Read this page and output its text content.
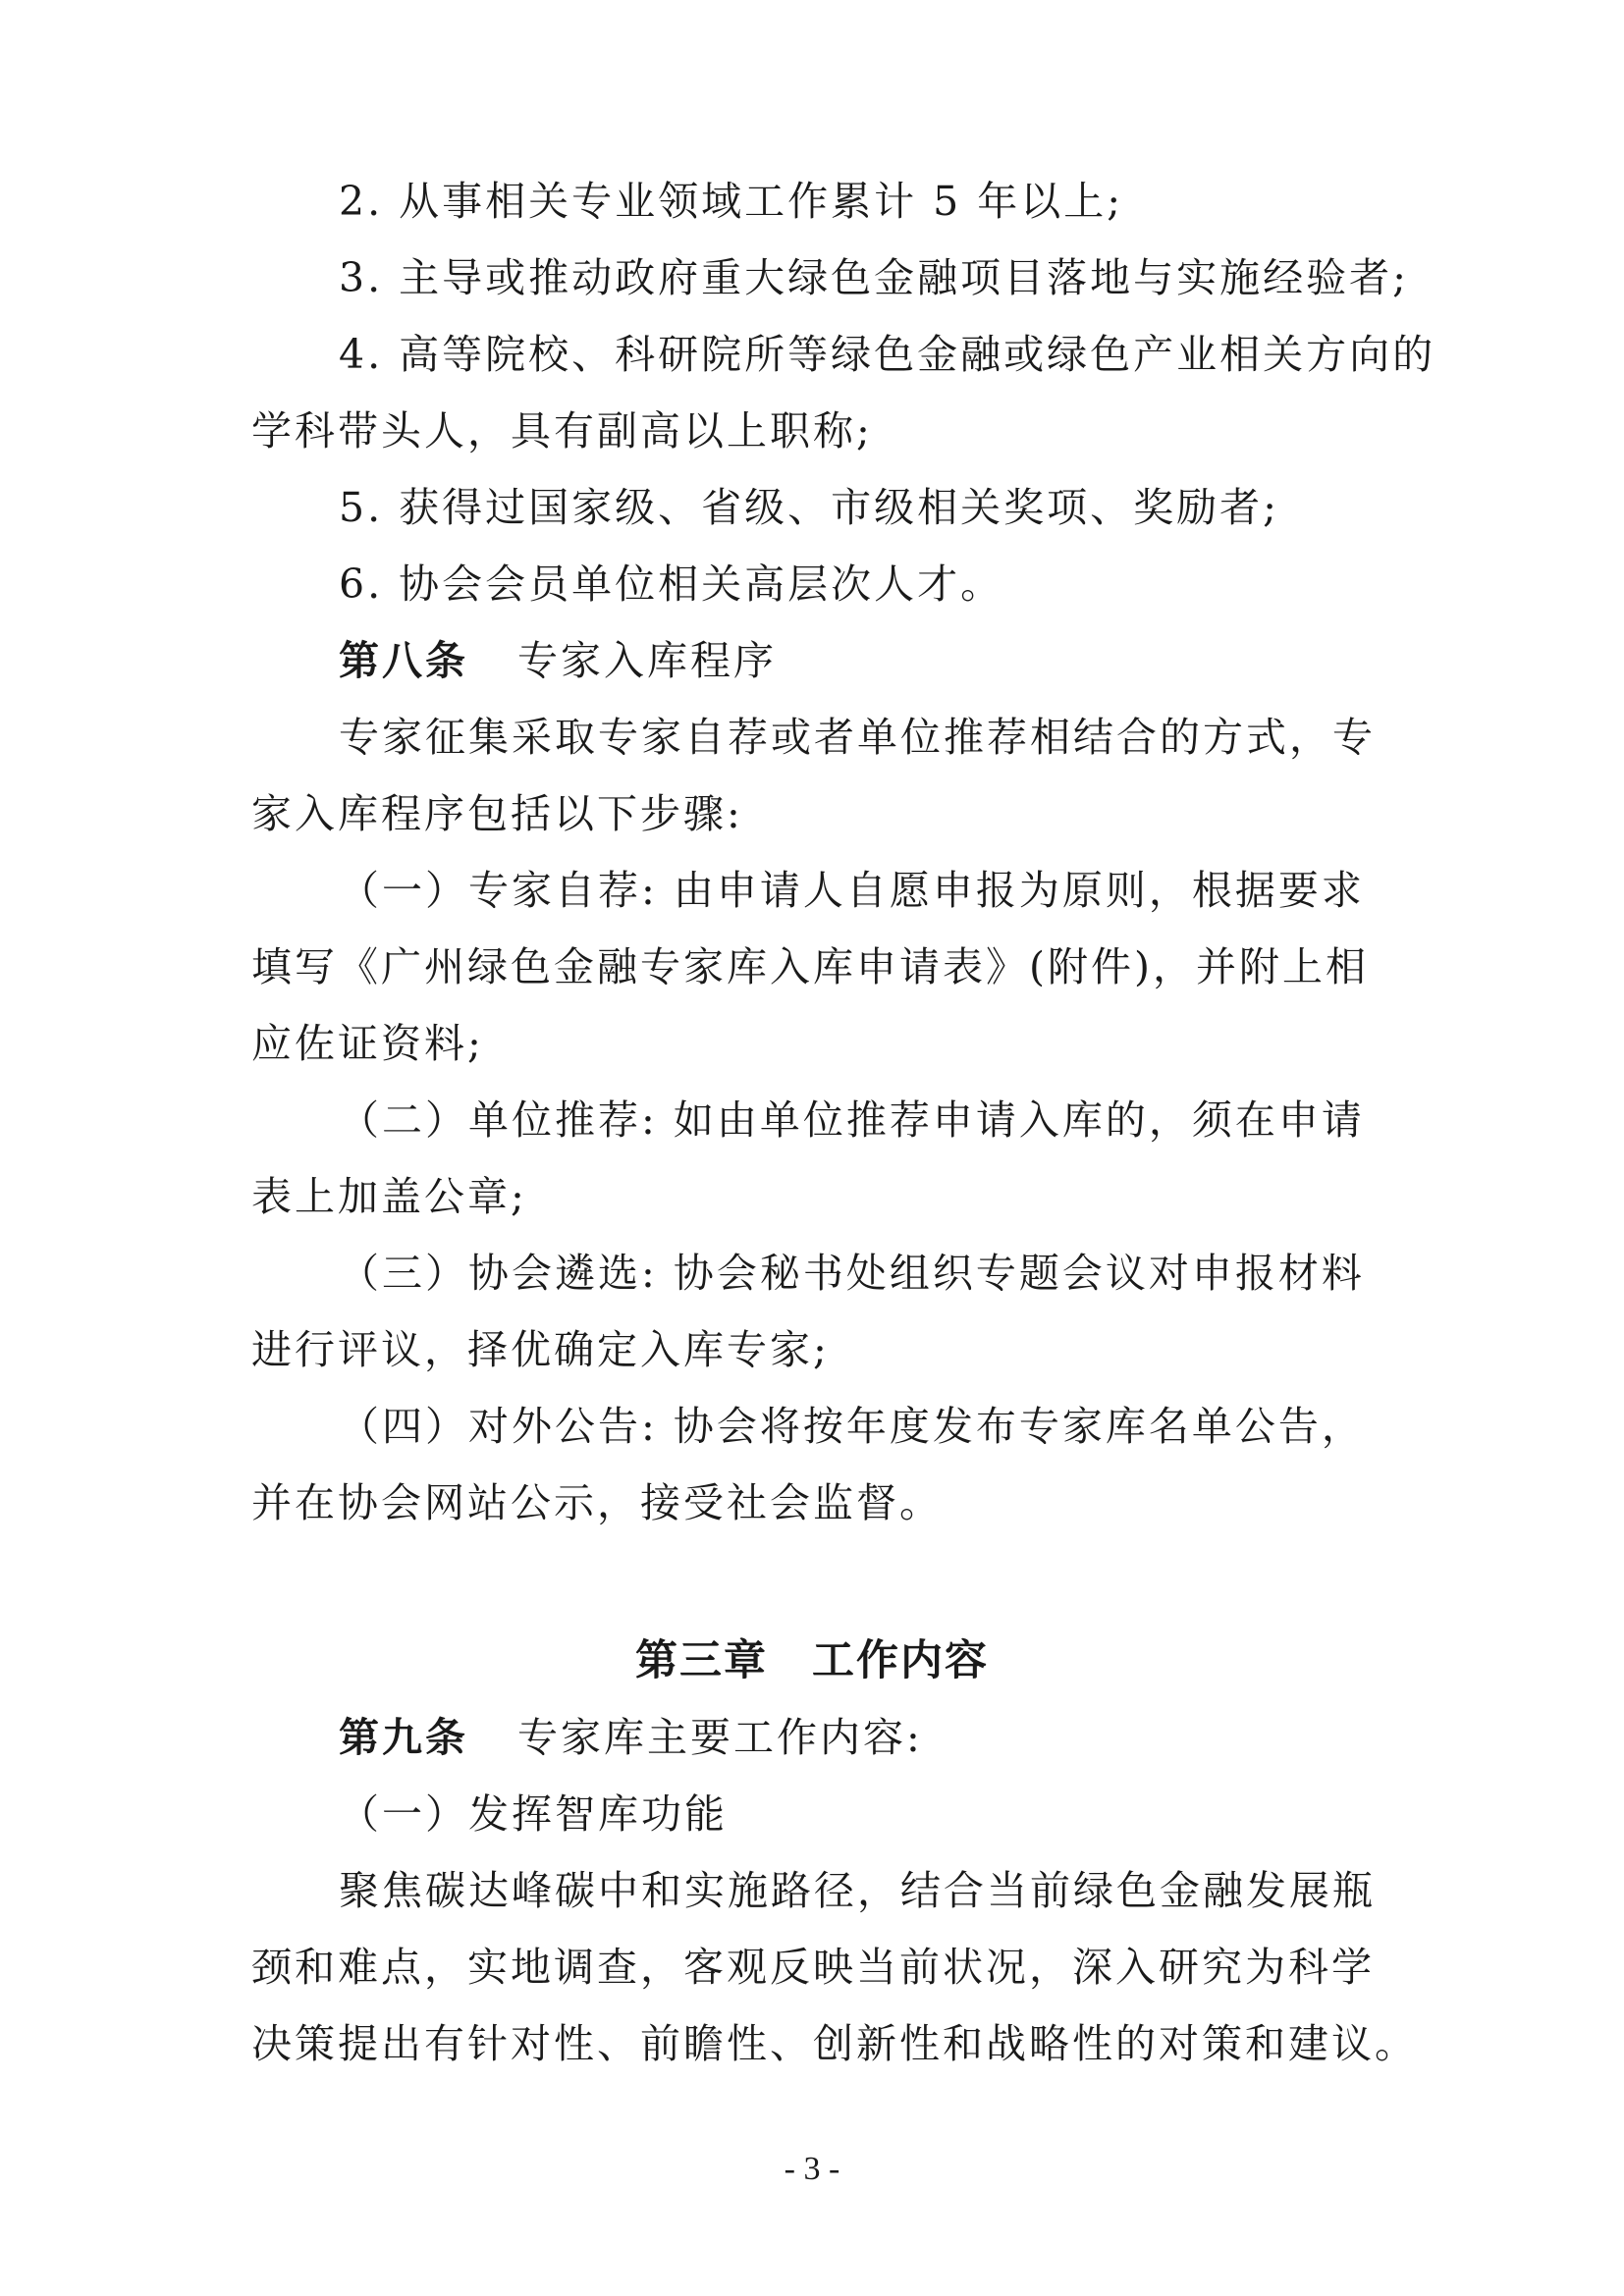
2. 从事相关专业领域工作累计 5 年以上;
3. 主导或推动政府重大绿色金融项目落地与实施经验者;
4. 高等院校、科研院所等绿色金融或绿色产业相关方向的
学科带头人，具有副高以上职称;
5. 获得过国家级、省级、市级相关奖项、奖励者;
6. 协会会员单位相关高层次人才。
第八条 专家入库程序
专家征集采取专家自荐或者单位推荐相结合的方式，专
家入库程序包括以下步骤:
（一）专家自荐: 由申请人自愿申报为原则，根据要求
填写《广州绿色金融专家库入库申请表》(附件)，并附上相
应佐证资料;
（二）单位推荐: 如由单位推荐申请入库的，须在申请
表上加盖公章;
（三）协会遴选: 协会秘书处组织专题会议对申报材料
进行评议，择优确定入库专家;
（四）对外公告: 协会将按年度发布专家库名单公告，
并在协会网站公示，接受社会监督。
第三章　工作内容
第九条 专家库主要工作内容:
（一）发挥智库功能
聚焦碳达峰碳中和实施路径，结合当前绿色金融发展瓶
颈和难点，实地调查，客观反映当前状况，深入研究为科学
决策提出有针对性、前瞻性、创新性和战略性的对策和建议。
- 3 -
